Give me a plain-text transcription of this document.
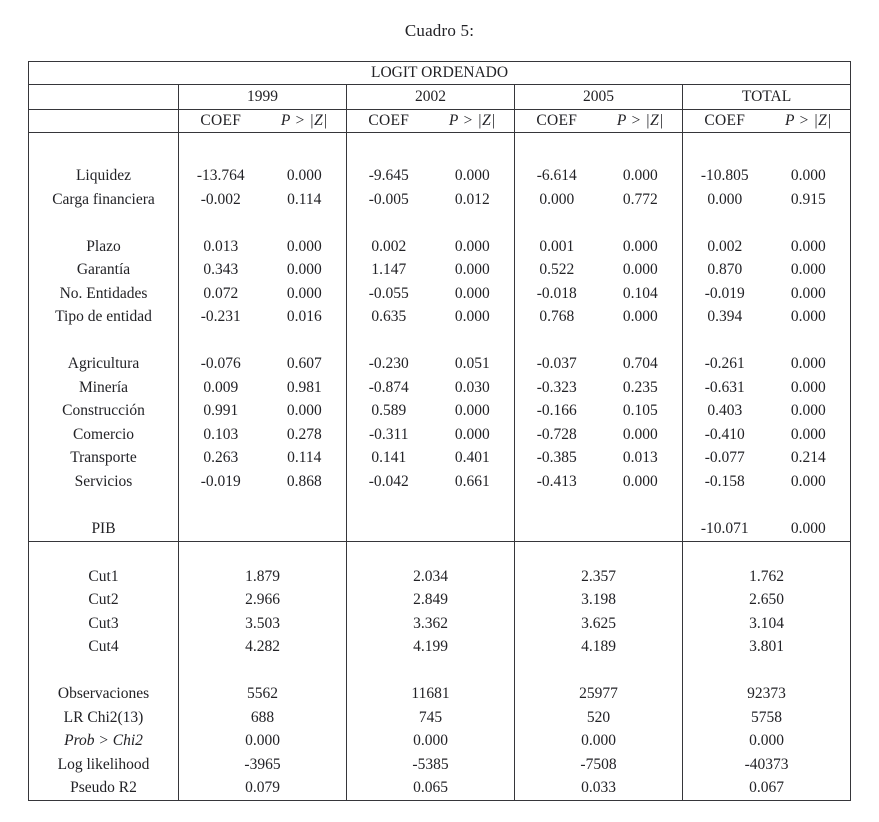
Cuadro 5:
LOGIT ORDENADO								
	1999		2002		2005		TOTAL	
	COEF	P > |Z|	COEF	P > |Z|	COEF	P > |Z|	COEF	P > |Z|

Liquidez	-13.764	0.000	-9.645	0.000	-6.614	0.000	-10.805	0.000
Carga financiera	-0.002	0.114	-0.005	0.012	0.000	0.772	0.000	0.915

Plazo	0.013	0.000	0.002	0.000	0.001	0.000	0.002	0.000
Garantía	0.343	0.000	1.147	0.000	0.522	0.000	0.870	0.000
No. Entidades	0.072	0.000	-0.055	0.000	-0.018	0.104	-0.019	0.000
Tipo de entidad	-0.231	0.016	0.635	0.000	0.768	0.000	0.394	0.000

Agricultura	-0.076	0.607	-0.230	0.051	-0.037	0.704	-0.261	0.000
Minería	0.009	0.981	-0.874	0.030	-0.323	0.235	-0.631	0.000
Construcción	0.991	0.000	0.589	0.000	-0.166	0.105	0.403	0.000
Comercio	0.103	0.278	-0.311	0.000	-0.728	0.000	-0.410	0.000
Transporte	0.263	0.114	0.141	0.401	-0.385	0.013	-0.077	0.214
Servicios	-0.019	0.868	-0.042	0.661	-0.413	0.000	-0.158	0.000

PIB							-10.071	0.000

Cut1	1.879		2.034		2.357		1.762	
Cut2	2.966		2.849		3.198		2.650	
Cut3	3.503		3.362		3.625		3.104	
Cut4	4.282		4.199		4.189		3.801	

Observaciones	5562		11681		25977		92373	
LR Chi2(13)	688		745		520		5758	
Prob > Chi2	0.000		0.000		0.000		0.000	
Log likelihood	-3965		-5385		-7508		-40373	
Pseudo R2	0.079		0.065		0.033		0.067	
